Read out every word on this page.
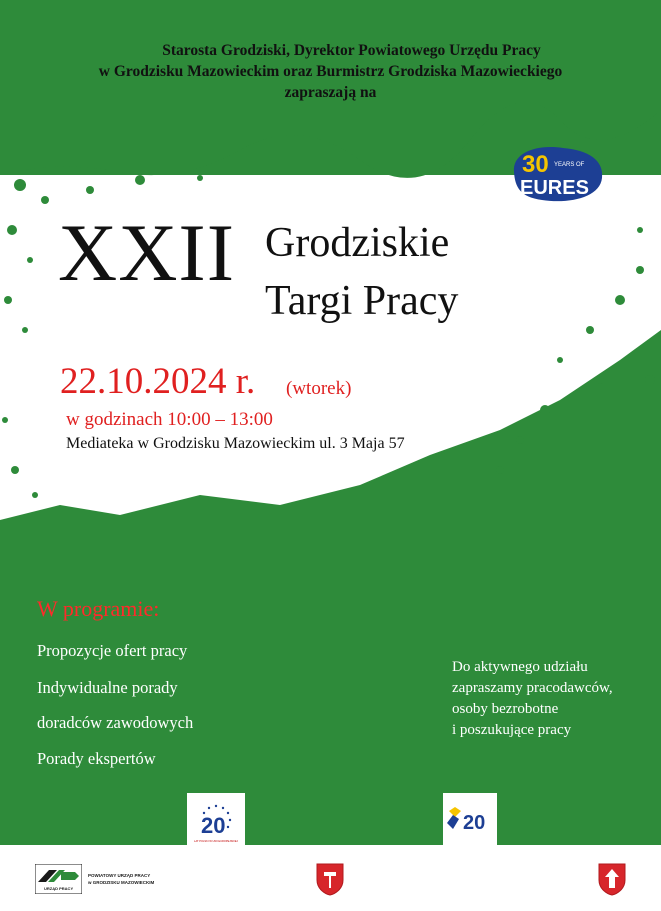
Starosta Grodziski, Dyrektor Powiatowego Urzędu Pracy
w Grodzisku Mazowieckim oraz Burmistrz Grodziska Mazowieckiego
zapraszają na
30 YEARS OF
EURES
XXII Grodziskie
Targi Pracy
22.10.2024 r. (wtorek)
w godzinach 10:00 – 13:00
Mediateka w Grodzisku Mazowieckim ul. 3 Maja 57
W programie:
Propozycje ofert pracy
Indywidualne porady
doradców zawodowych
Porady ekspertów
Do aktywnego udziału
zapraszamy pracodawców,
osoby bezrobotne
i poszukujące pracy
20
LAT POLSKI W UNII EUROPEJSKIEJ
20
URZĄD PRACY
POWIATOWY URZĄD PRACY
w GRODZISKU MAZOWIECKIM
